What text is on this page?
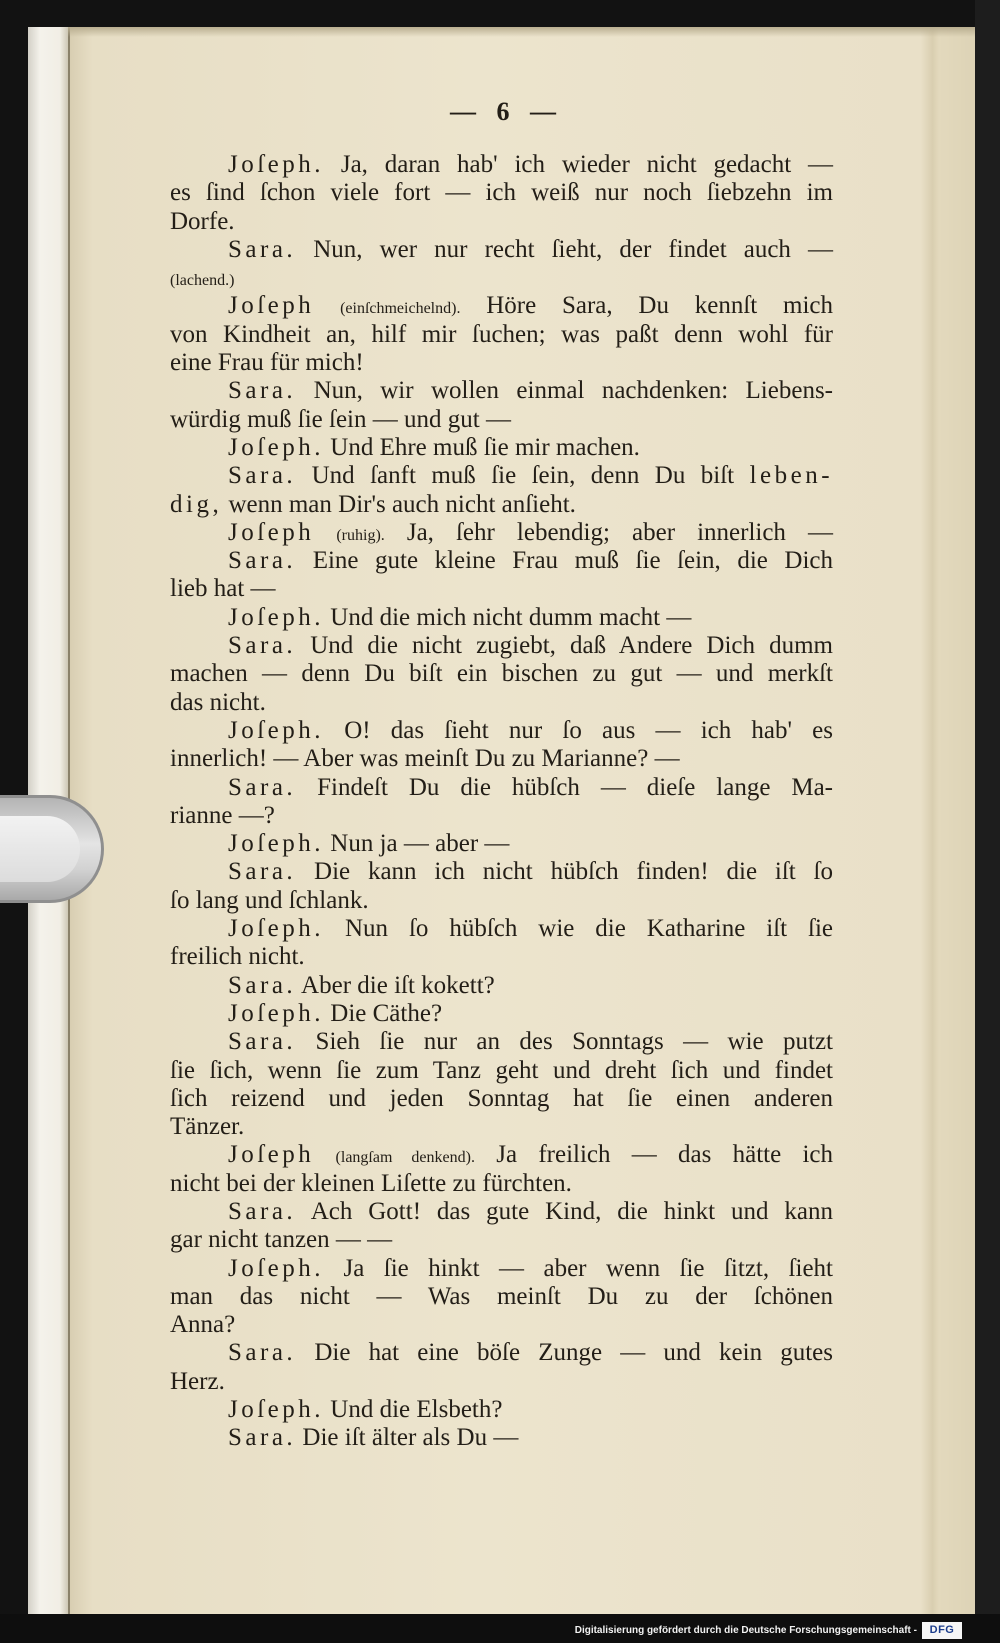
— 6 —
Joſeph. Ja, daran hab' ich wieder nicht gedacht —
es ſind ſchon viele fort — ich weiß nur noch ſiebzehn im
Dorfe.
Sara. Nun, wer nur recht ſieht, der findet auch —
(lachend.)
Joſeph (einſchmeichelnd). Höre Sara, Du kennſt mich
von Kindheit an, hilf mir ſuchen; was paßt denn wohl für
eine Frau für mich!
Sara. Nun, wir wollen einmal nachdenken: Liebens-
würdig muß ſie ſein — und gut —
Joſeph. Und Ehre muß ſie mir machen.
Sara. Und ſanft muß ſie ſein, denn Du biſt leben-
dig, wenn man Dir's auch nicht anſieht.
Joſeph (ruhig). Ja, ſehr lebendig; aber innerlich —
Sara. Eine gute kleine Frau muß ſie ſein, die Dich
lieb hat —
Joſeph. Und die mich nicht dumm macht —
Sara. Und die nicht zugiebt, daß Andere Dich dumm
machen — denn Du biſt ein bischen zu gut — und merkſt
das nicht.
Joſeph. O! das ſieht nur ſo aus — ich hab' es
innerlich! — Aber was meinſt Du zu Marianne? —
Sara. Findeſt Du die hübſch — dieſe lange Ma-
rianne —?
Joſeph. Nun ja — aber —
Sara. Die kann ich nicht hübſch finden! die iſt ſo
ſo lang und ſchlank.
Joſeph. Nun ſo hübſch wie die Katharine iſt ſie
freilich nicht.
Sara. Aber die iſt kokett?
Joſeph. Die Cäthe?
Sara. Sieh ſie nur an des Sonntags — wie putzt
ſie ſich, wenn ſie zum Tanz geht und dreht ſich und findet
ſich reizend und jeden Sonntag hat ſie einen anderen
Tänzer.
Joſeph (langſam denkend). Ja freilich — das hätte ich
nicht bei der kleinen Liſette zu fürchten.
Sara. Ach Gott! das gute Kind, die hinkt und kann
gar nicht tanzen — —
Joſeph. Ja ſie hinkt — aber wenn ſie ſitzt, ſieht
man das nicht — Was meinſt Du zu der ſchönen
Anna?
Sara. Die hat eine böſe Zunge — und kein gutes
Herz.
Joſeph. Und die Elsbeth?
Sara. Die iſt älter als Du —
Digitalisierung gefördert durch die Deutsche Forschungsgemeinschaft -	DFG
